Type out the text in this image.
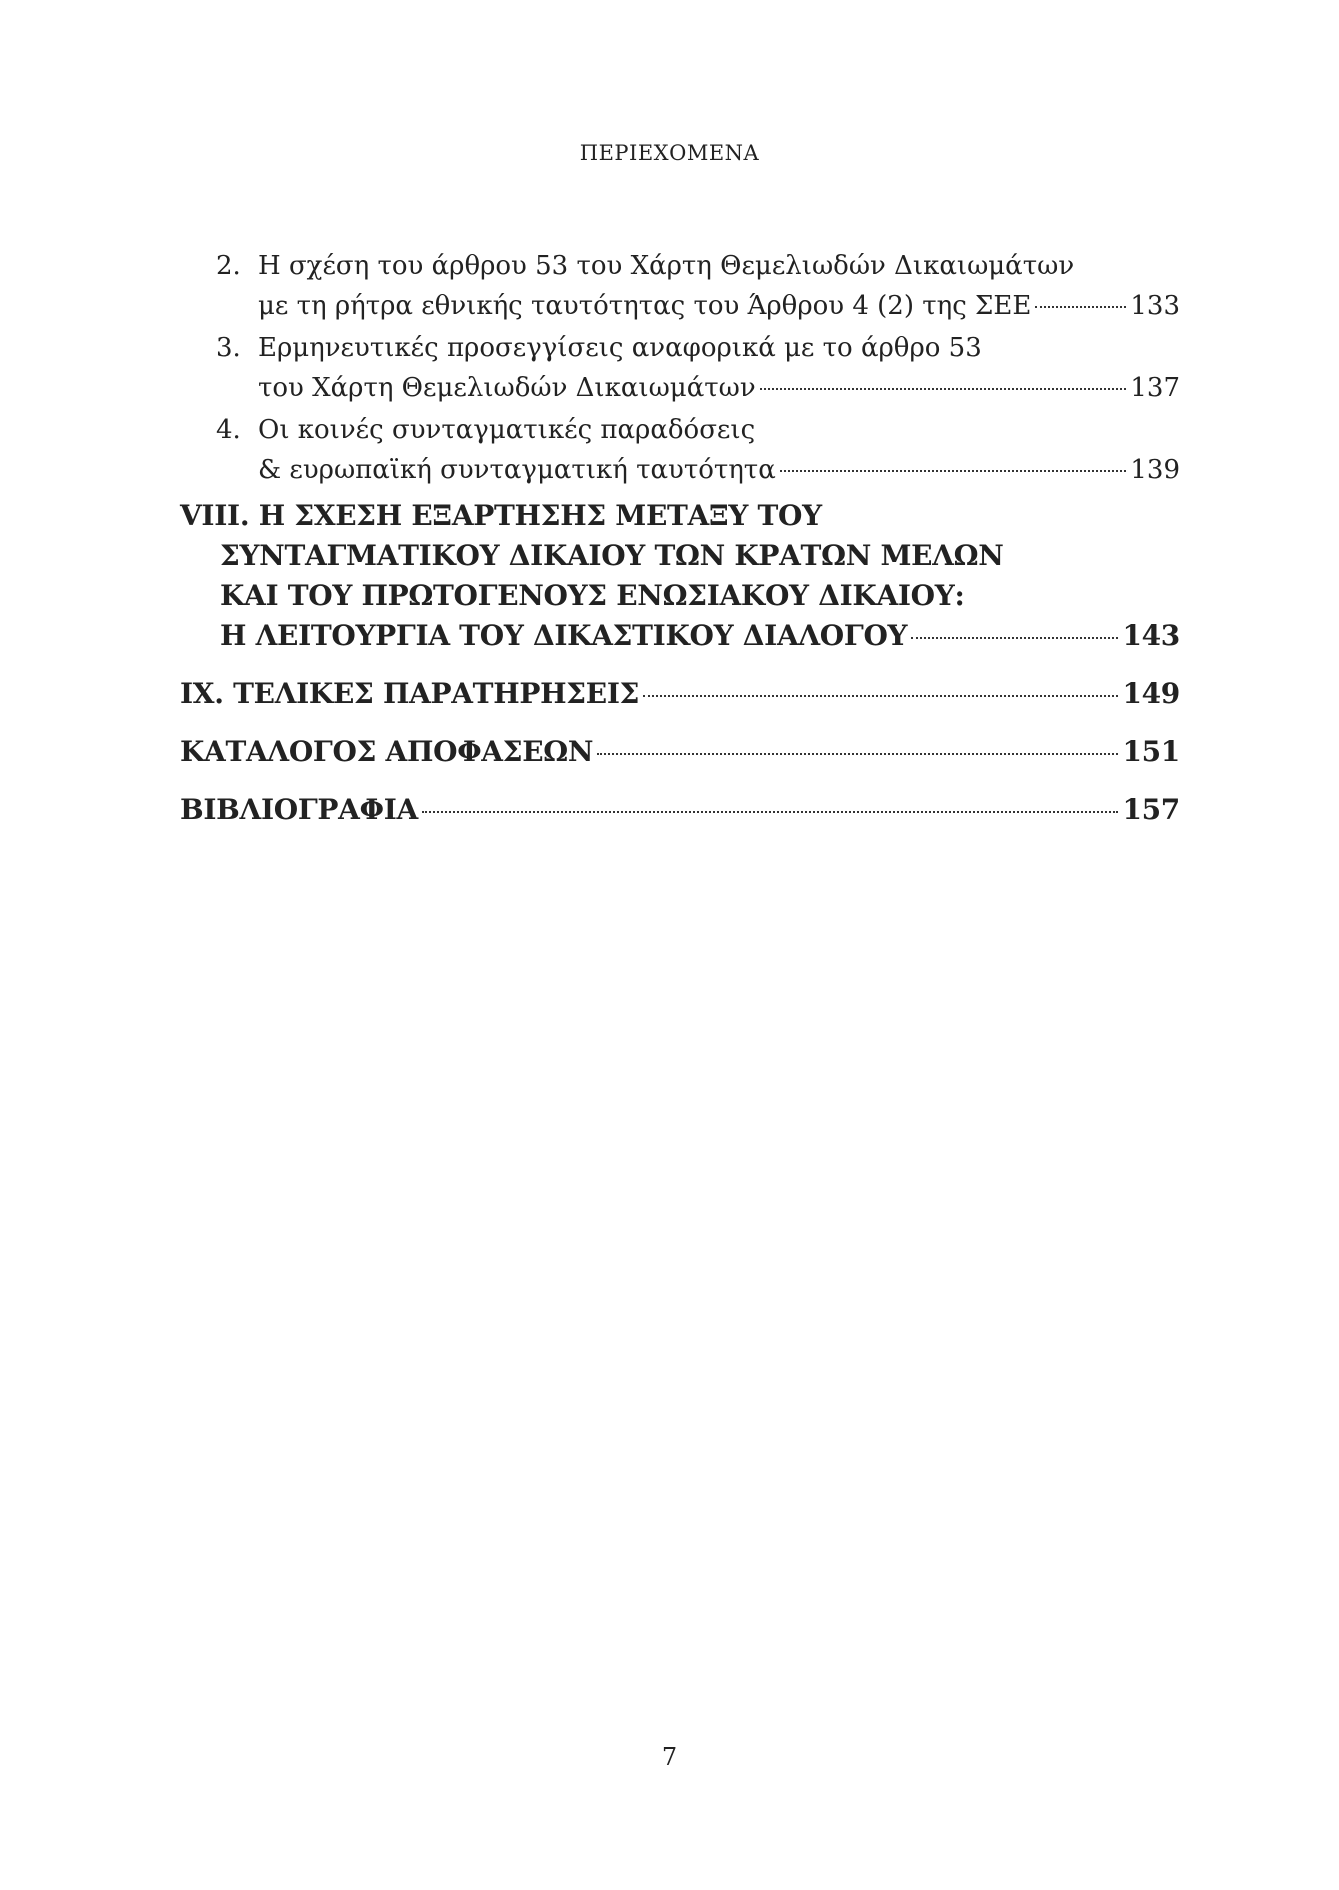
ΠΕΡΙΕΧΟΜΕΝΑ
2. Η σχέση του άρθρου 53 του Χάρτη Θεμελιωδών Δικαιωμάτων
με τη ρήτρα εθνικής ταυτότητας του Άρθρου 4 (2) της ΣΕΕ	133
3. Ερμηνευτικές προσεγγίσεις αναφορικά με το άρθρο 53
του Χάρτη Θεμελιωδών Δικαιωμάτων	137
4. Οι κοινές συνταγματικές παραδόσεις
& ευρωπαϊκή συνταγματική ταυτότητα	139
VIII. Η ΣΧΕΣΗ ΕΞΑΡΤΗΣΗΣ ΜΕΤΑΞΥ ΤΟΥ
ΣΥΝΤΑΓΜΑΤΙΚΟΥ ΔΙΚΑΙΟΥ ΤΩΝ ΚΡΑΤΩΝ ΜΕΛΩΝ
ΚΑΙ ΤΟΥ ΠΡΩΤΟΓΕΝΟΥΣ ΕΝΩΣΙΑΚΟΥ ΔΙΚΑΙΟΥ:
Η ΛΕΙΤΟΥΡΓΙΑ ΤΟΥ ΔΙΚΑΣΤΙΚΟΥ ΔΙΑΛΟΓΟΥ	143
IX. ΤΕΛΙΚΕΣ ΠΑΡΑΤΗΡΗΣΕΙΣ	149
ΚΑΤΑΛΟΓΟΣ ΑΠΟΦΑΣΕΩΝ	151
ΒΙΒΛΙΟΓΡΑΦΙΑ	157
7
